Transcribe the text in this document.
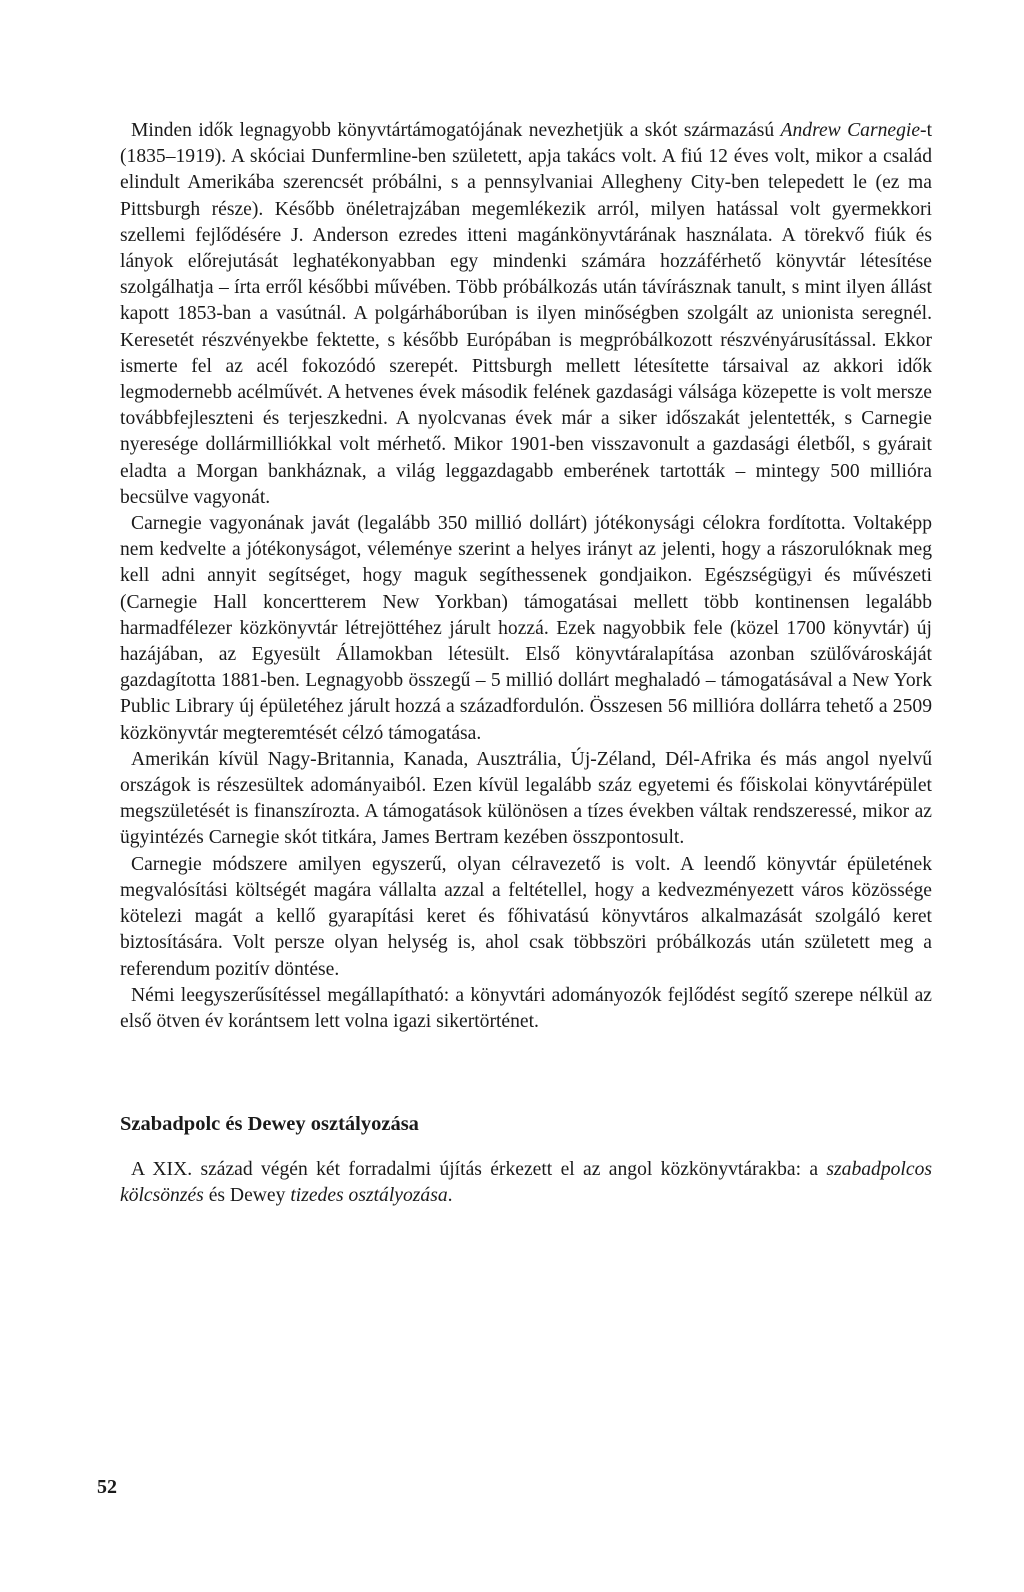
Minden idők legnagyobb könyvtártámogatójának nevezhetjük a skót származású Andrew Carnegie-t (1835–1919). A skóciai Dunfermline-ben született, apja takács volt. A fiú 12 éves volt, mikor a család elindult Amerikába szerencsét próbálni, s a pennsylvaniai Allegheny City-ben telepedett le (ez ma Pittsburgh része). Később önéletrajzában megemlékezik arról, milyen hatással volt gyermekkori szellemi fejlődésére J. Anderson ezredes itteni magánkönyvtárának használata. A törekvő fiúk és lányok előrejutását leghatékonyabban egy mindenki számára hozzáférhető könyvtár létesítése szolgálhatja – írta erről későbbi művében. Több próbálkozás után távírásznak tanult, s mint ilyen állást kapott 1853-ban a vasútnál. A polgárháborúban is ilyen minőségben szolgált az unionista seregnél. Keresetét részvényekbe fektette, s később Európában is megpróbálkozott részvényárusítással. Ekkor ismerte fel az acél fokozódó szerepét. Pittsburgh mellett létesítette társaival az akkori idők legmodernebb acélművét. A hetvenes évek második felének gazdasági válsága közepette is volt mersze továbbfejleszteni és terjeszkedni. A nyolcvanas évek már a siker időszakát jelentették, s Carnegie nyeresége dollármilliókkal volt mérhető. Mikor 1901-ben visszavonult a gazdasági életből, s gyárait eladta a Morgan bankháznak, a világ leggazdagabb emberének tartották – mintegy 500 millióra becsülve vagyonát.

Carnegie vagyonának javát (legalább 350 millió dollárt) jótékonysági célokra fordította. Voltaképp nem kedvelte a jótékonyságot, véleménye szerint a helyes irányt az jelenti, hogy a rászorulóknak meg kell adni annyit segítséget, hogy maguk segíthessenek gondjaikon. Egészségügyi és művészeti (Carnegie Hall koncertterem New Yorkban) támogatásai mellett több kontinensen legalább harmadfélezer közkönyvtár létrejöttéhez járult hozzá. Ezek nagyobbik fele (közel 1700 könyvtár) új hazájában, az Egyesült Államokban létesült. Első könyvtáralapítása azonban szülővároskáját gazdagította 1881-ben. Legnagyobb összegű – 5 millió dollárt meghaladó – támogatásával a New York Public Library új épületéhez járult hozzá a századfordulón. Összesen 56 millióra dollárra tehető a 2509 közkönyvtár megteremtését célzó támogatása.

Amerikán kívül Nagy-Britannia, Kanada, Ausztrália, Új-Zéland, Dél-Afrika és más angol nyelvű országok is részesültek adományaiból. Ezen kívül legalább száz egyetemi és főiskolai könyvtárépület megszületését is finanszírozta. A támogatások különösen a tízes években váltak rendszeressé, mikor az ügyintézés Carnegie skót titkára, James Bertram kezében összpontosult.

Carnegie módszere amilyen egyszerű, olyan célravezető is volt. A leendő könyvtár épületének megvalósítási költségét magára vállalta azzal a feltétellel, hogy a kedvezményezett város közössége kötelezi magát a kellő gyarapítási keret és főhivatású könyvtáros alkalmazását szolgáló keret biztosítására. Volt persze olyan helység is, ahol csak többszöri próbálkozás után született meg a referendum pozitív döntése.

Némi leegyszerűsítéssel megállapítható: a könyvtári adományozók fejlődést segítő szerepe nélkül az első ötven év korántsem lett volna igazi sikertörténet.

Szabadpolc és Dewey osztályozása

A XIX. század végén két forradalmi újítás érkezett el az angol közkönyvtárakba: a szabadpolcos kölcsönzés és Dewey tizedes osztályozása.

52
